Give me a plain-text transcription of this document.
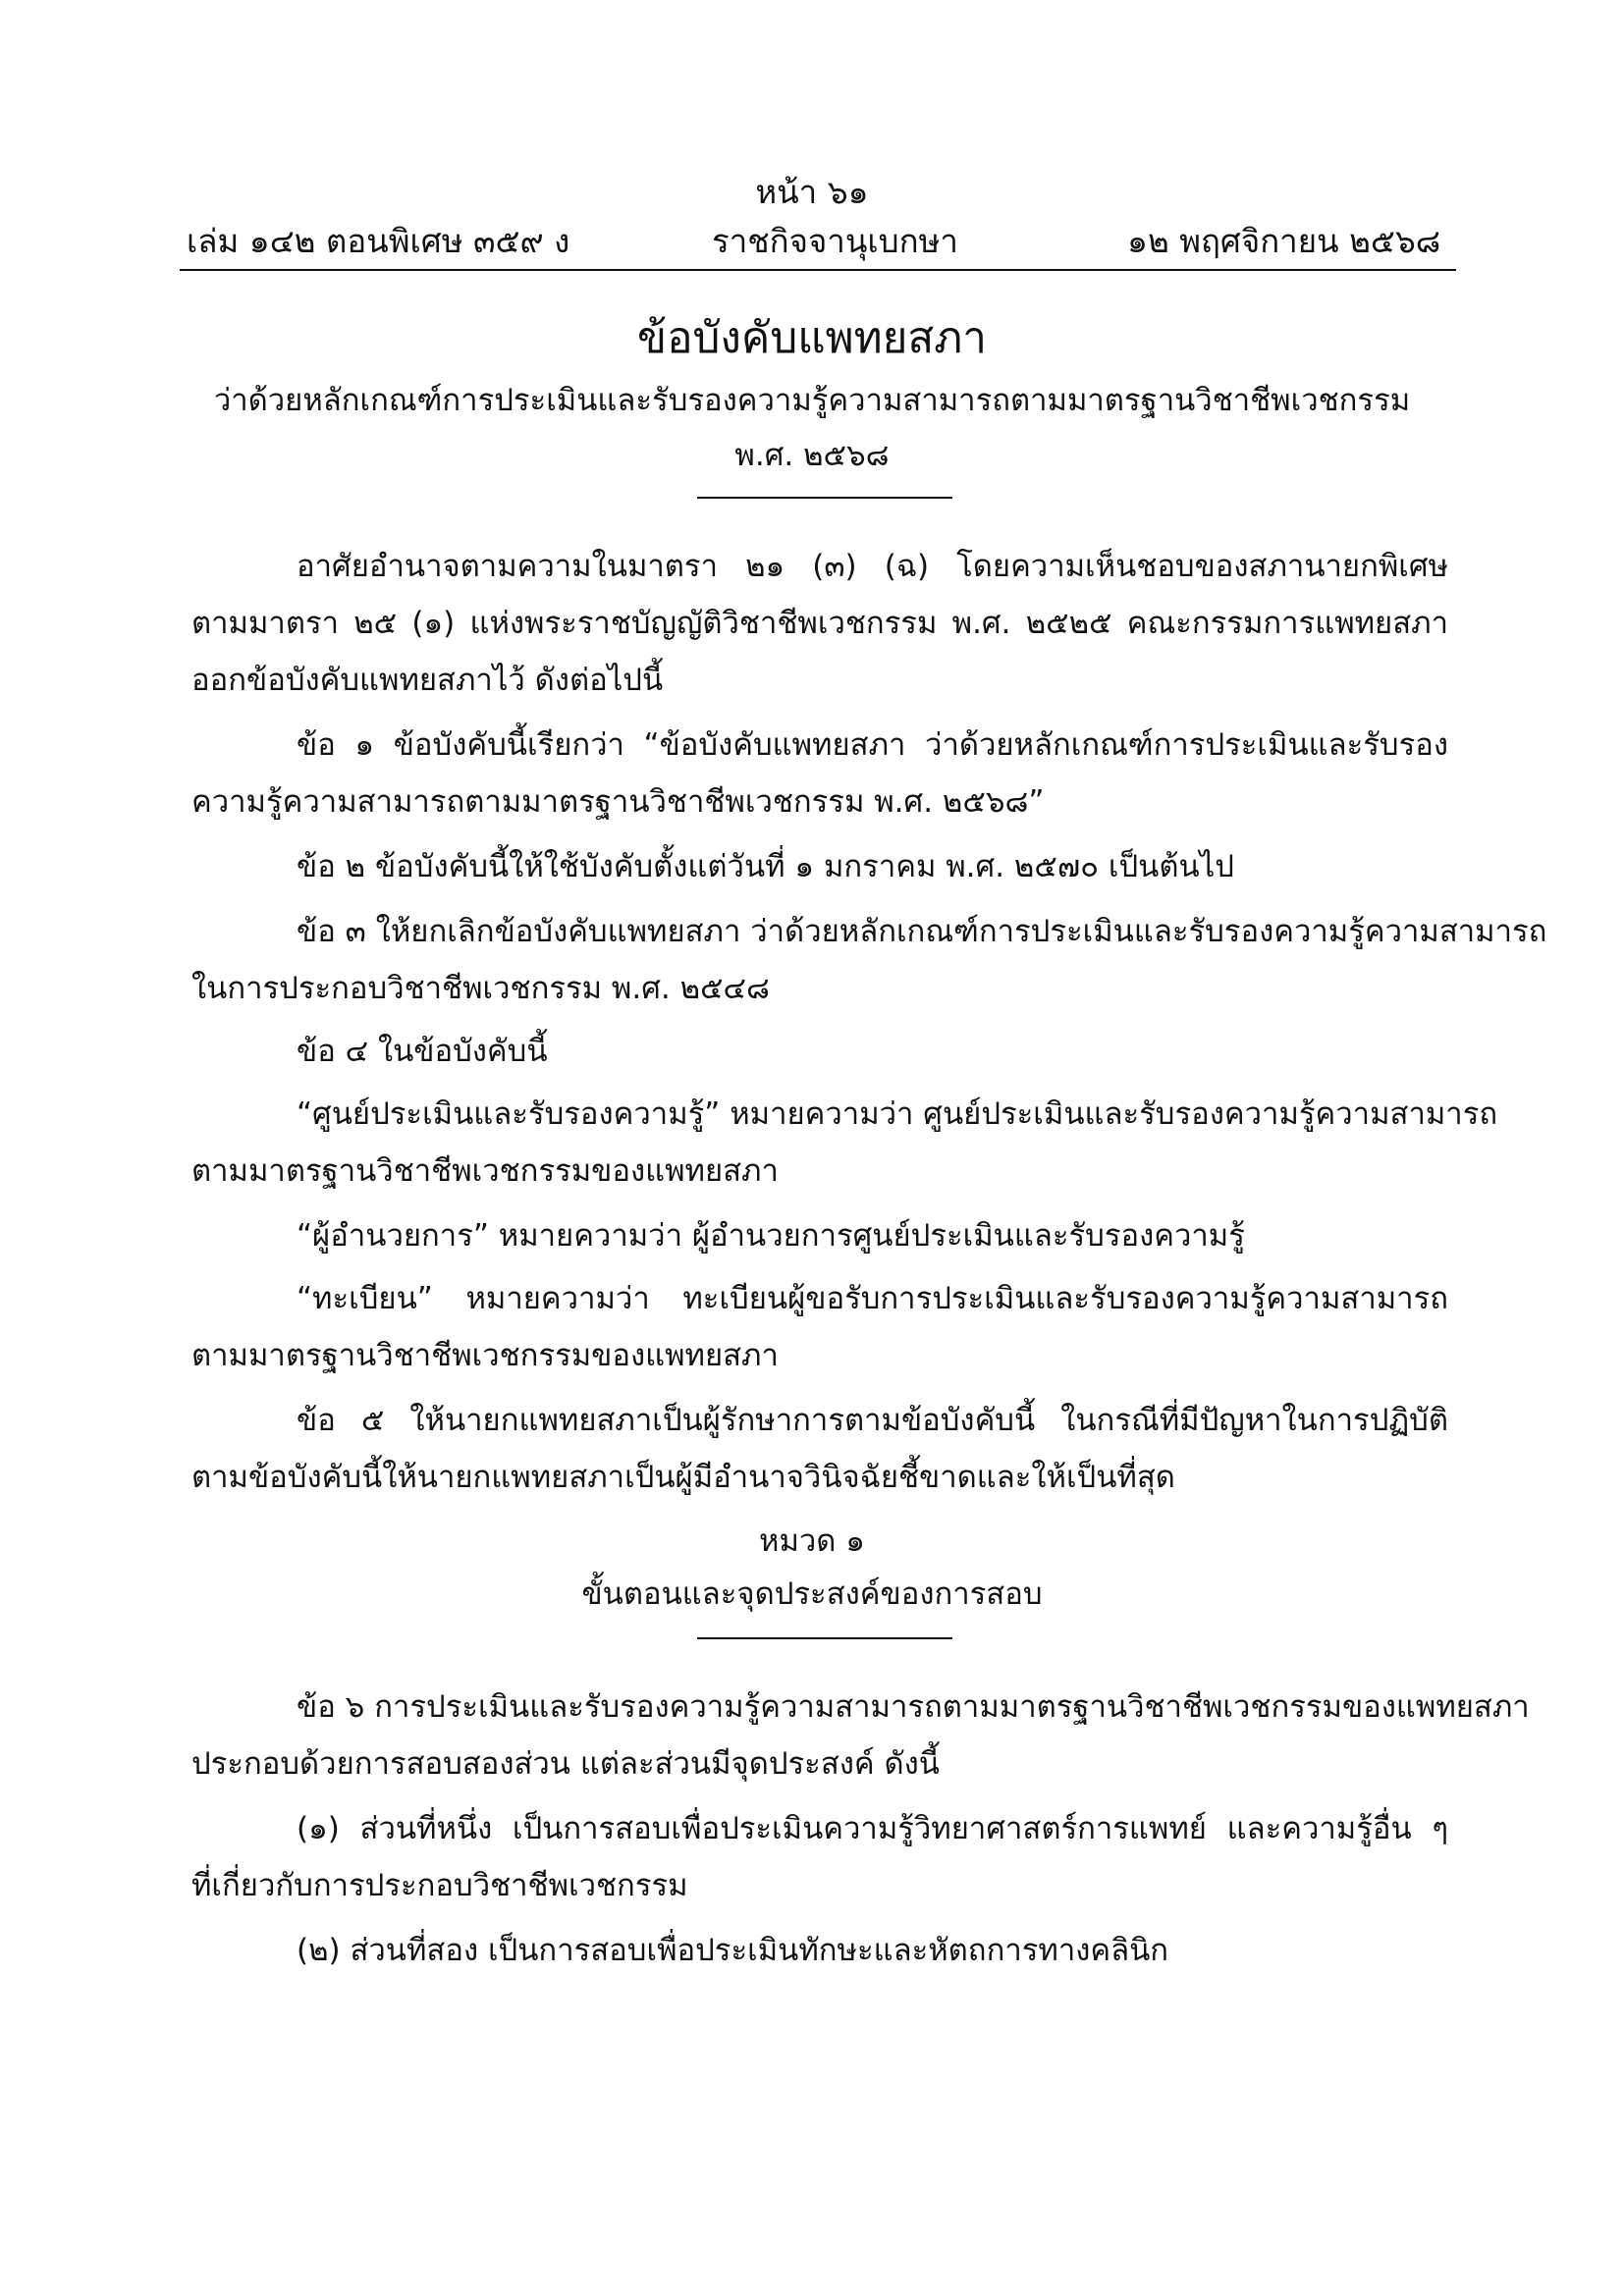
หน้า ๖๑
เล่ม ๑๔๒ ตอนพิเศษ ๓๕๙ ง	ราชกิจจานุเบกษา	๑๒ พฤศจิกายน ๒๕๖๘
ข้อบังคับแพทยสภา
ว่าด้วยหลักเกณฑ์การประเมินและรับรองความรู้ความสามารถตามมาตรฐานวิชาชีพเวชกรรม
พ.ศ. ๒๕๖๘
อาศัยอำนาจตามความในมาตรา ๒๑ (๓) (ฉ) โดยความเห็นชอบของสภานายกพิเศษ
ตามมาตรา ๒๕ (๑) แห่งพระราชบัญญัติวิชาชีพเวชกรรม พ.ศ. ๒๕๒๕ คณะกรรมการแพทยสภา
ออกข้อบังคับแพทยสภาไว้ ดังต่อไปนี้
ข้อ ๑ ข้อบังคับนี้เรียกว่า “ข้อบังคับแพทยสภา ว่าด้วยหลักเกณฑ์การประเมินและรับรอง
ความรู้ความสามารถตามมาตรฐานวิชาชีพเวชกรรม พ.ศ. ๒๕๖๘”
ข้อ ๒ ข้อบังคับนี้ให้ใช้บังคับตั้งแต่วันที่ ๑ มกราคม พ.ศ. ๒๕๗๐ เป็นต้นไป
ข้อ ๓ ให้ยกเลิกข้อบังคับแพทยสภา ว่าด้วยหลักเกณฑ์การประเมินและรับรองความรู้ความสามารถ
ในการประกอบวิชาชีพเวชกรรม พ.ศ. ๒๕๔๘
ข้อ ๔ ในข้อบังคับนี้
“ศูนย์ประเมินและรับรองความรู้” หมายความว่า ศูนย์ประเมินและรับรองความรู้ความสามารถ
ตามมาตรฐานวิชาชีพเวชกรรมของแพทยสภา
“ผู้อำนวยการ” หมายความว่า ผู้อำนวยการศูนย์ประเมินและรับรองความรู้
“ทะเบียน” หมายความว่า ทะเบียนผู้ขอรับการประเมินและรับรองความรู้ความสามารถ
ตามมาตรฐานวิชาชีพเวชกรรมของแพทยสภา
ข้อ ๕ ให้นายกแพทยสภาเป็นผู้รักษาการตามข้อบังคับนี้ ในกรณีที่มีปัญหาในการปฏิบัติ
ตามข้อบังคับนี้ให้นายกแพทยสภาเป็นผู้มีอำนาจวินิจฉัยชี้ขาดและให้เป็นที่สุด
หมวด ๑
ขั้นตอนและจุดประสงค์ของการสอบ
ข้อ ๖ การประเมินและรับรองความรู้ความสามารถตามมาตรฐานวิชาชีพเวชกรรมของแพทยสภา
ประกอบด้วยการสอบสองส่วน แต่ละส่วนมีจุดประสงค์ ดังนี้
(๑) ส่วนที่หนึ่ง เป็นการสอบเพื่อประเมินความรู้วิทยาศาสตร์การแพทย์ และความรู้อื่น ๆ
ที่เกี่ยวกับการประกอบวิชาชีพเวชกรรม
(๒) ส่วนที่สอง เป็นการสอบเพื่อประเมินทักษะและหัตถการทางคลินิก
